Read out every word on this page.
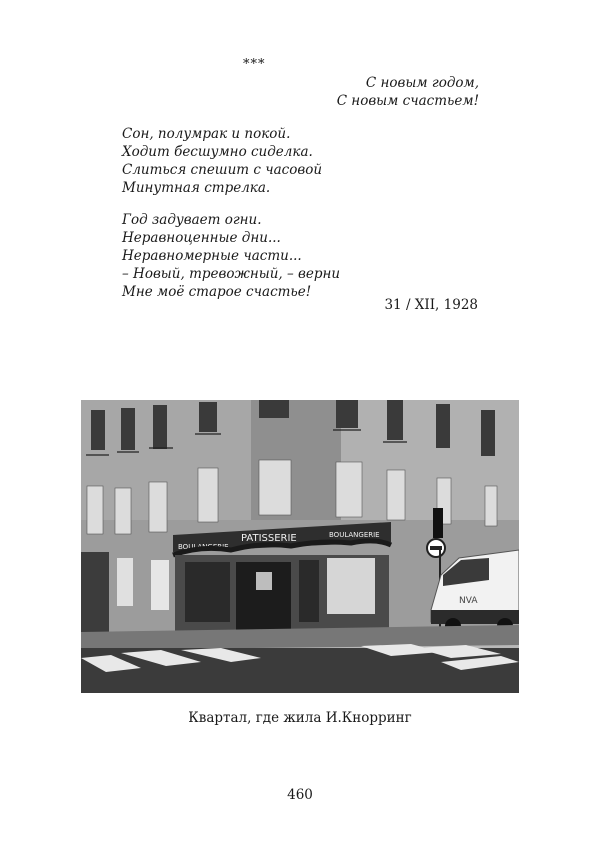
***
С новым годом,
С новым счастьем!
Сон, полумрак и покой.
Ходит бесшумно сиделка.
Слиться спешит с часовой
Минутная стрелка.
Год задувает огни.
Неравноценные дни...
Неравномерные части...
– Новый, тревожный, – верни
Мне моё старое счастье!
31 / XII, 1928
PATISSERIE
BOULANGERIE
BOULANGERIE
NVA
Квартал, где жила И.Кнорринг
460
